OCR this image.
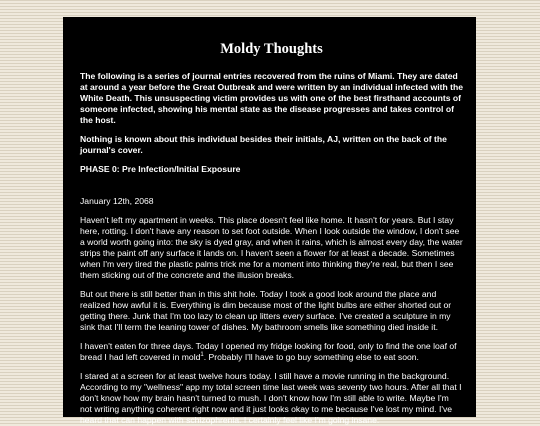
Moldy Thoughts

The following is a series of journal entries recovered from the ruins of Miami. They are dated at around a year before the Great Outbreak and were written by an individual infected with the White Death. This unsuspecting victim provides us with one of the best firsthand accounts of someone infected, showing his mental state as the disease progresses and takes control of the host.

Nothing is known about this individual besides their initials, AJ, written on the back of the journal's cover.

PHASE 0: Pre Infection/Initial Exposure

January 12th, 2068

Haven't left my apartment in weeks. This place doesn't feel like home. It hasn't for years. But I stay here, rotting. I don't have any reason to set foot outside. When I look outside the window, I don't see a world worth going into: the sky is dyed gray, and when it rains, which is almost every day, the water strips the paint off any surface it lands on. I haven't seen a flower for at least a decade. Sometimes when I'm very tired the plastic palms trick me for a moment into thinking they're real, but then I see them sticking out of the concrete and the illusion breaks.

But out there is still better than in this shit hole. Today I took a good look around the place and realized how awful it is. Everything is dim because most of the light bulbs are either shorted out or getting there. Junk that I'm too lazy to clean up litters every surface. I've created a sculpture in my sink that I'll term the leaning tower of dishes. My bathroom smells like something died inside it.

I haven't eaten for three days. Today I opened my fridge looking for food, only to find the one loaf of bread I had left covered in mold$^1$. Probably I'll have to go buy something else to eat soon.

I stared at a screen for at least twelve hours today. I still have a movie running in the background. According to my "wellness" app my total screen time last week was seventy two hours. After all that I don't know how my brain hasn't turned to mush. I don't know how I'm still able to write. Maybe I'm not writing anything coherent right now and it just looks okay to me because I've lost my mind. I've heard that can happen with schizophrenia. I certainly feel like I'm going insane.
